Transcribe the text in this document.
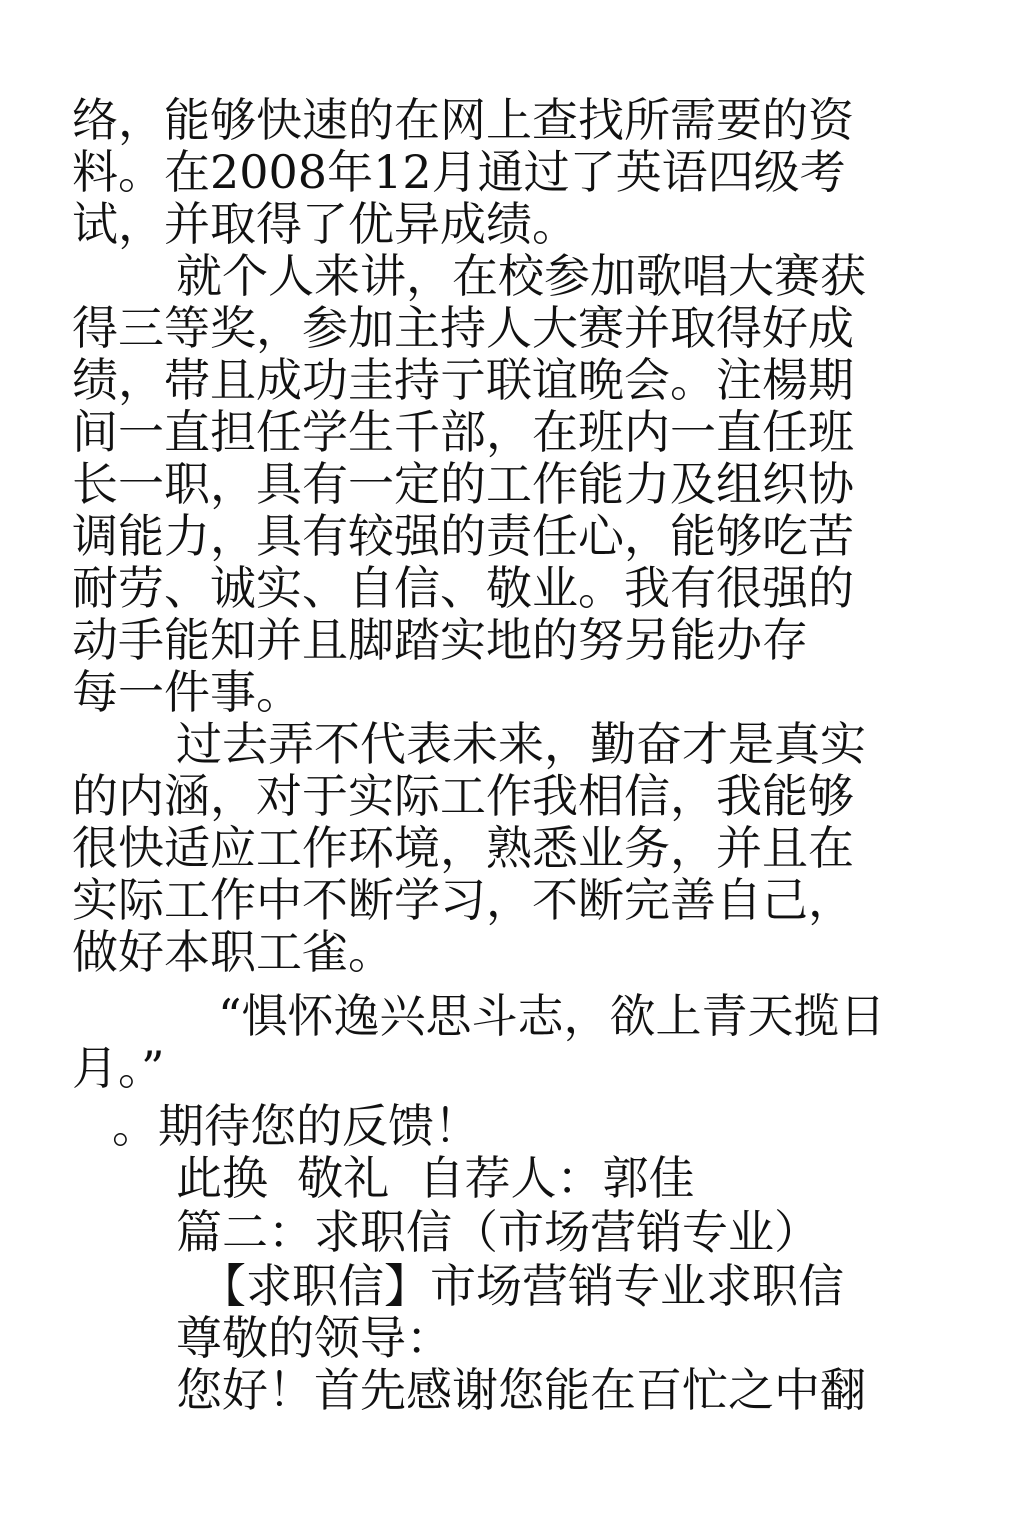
络，能够快速的在网上查找所需要的资
料。在2008年12月通过了英语四级考
试，并取得了优异成绩。
就个人来讲，在校参加歌唱大赛获
得三等奖，参加主持人大赛并取得好成
绩，帯且成功圭持亍联谊晩会。注楊期
间一直担任学生千部，在班内一直任班
长一职，具有一定的工作能力及组织协
调能力，具有较强的责任心，能够吃苦
耐劳、诚实、自信、敬业。我有很强的
动手能知并且脚踏实地的努另能办存
每一件事。
过去弄不代表未来，勤奋才是真实
的内涵，对于实际工作我相信，我能够
很快适应工作环境，熟悉业务，并且在
实际工作中不断学习，不断完善自己，
做好本职工雀。
“惧怀逸兴思斗志，欲上青天揽日
月。”
。期待您的反馈！
此换  敬礼  自荐人：郭佳
篇二：求职信（市场营销专业）
【求职信】市场营销专业求职信
尊敬的领导：
您好！首先感谢您能在百忙之中翻
